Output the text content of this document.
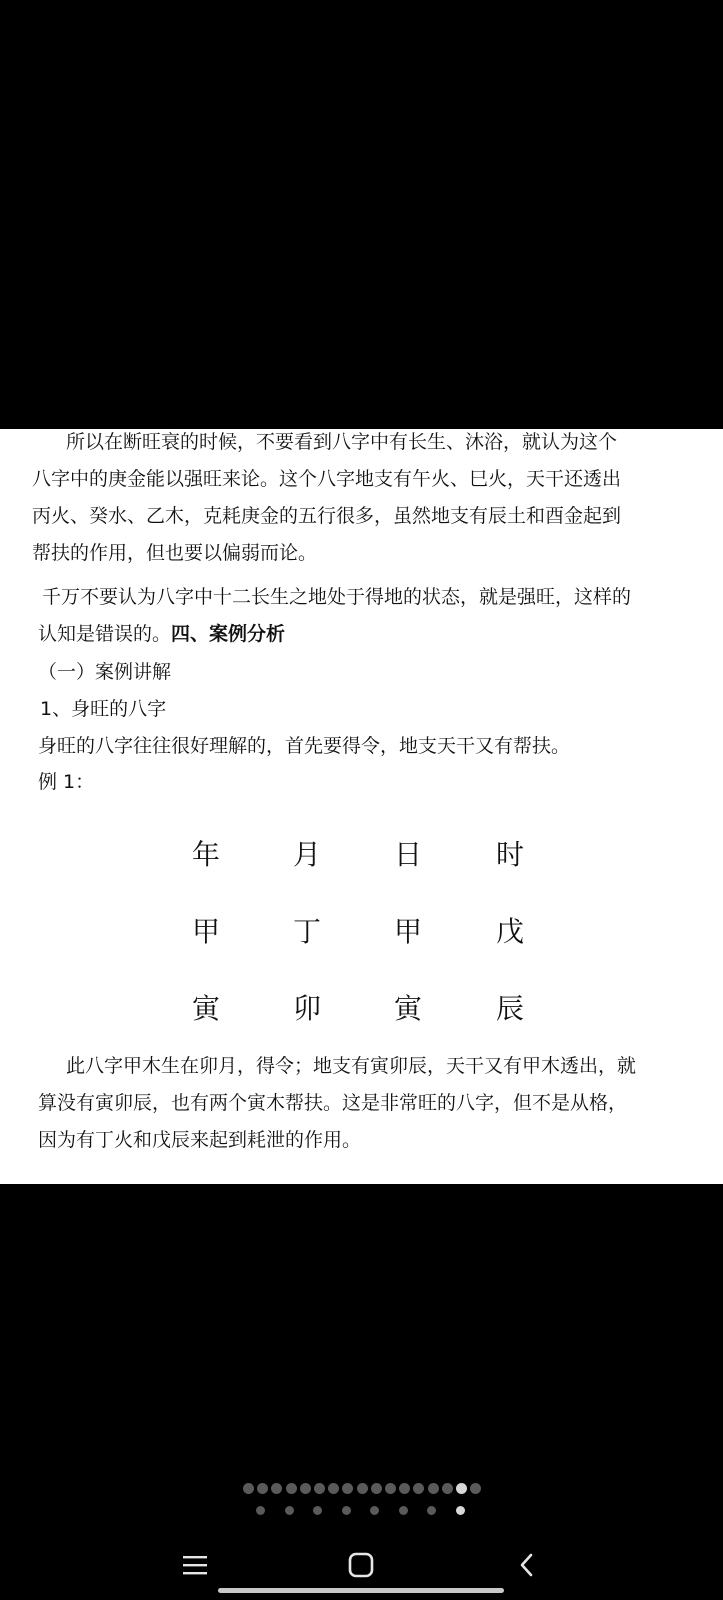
所以在断旺衰的时候，不要看到八字中有长生、沐浴，就认为这个
八字中的庚金能以强旺来论。这个八字地支有午火、巳火，天干还透出
丙火、癸水、乙木，克耗庚金的五行很多，虽然地支有辰土和酉金起到
帮扶的作用，但也要以偏弱而论。
千万不要认为八字中十二长生之地处于得地的状态，就是强旺，这样的
认知是错误的。四、案例分析
（一）案例讲解
1、身旺的八字
身旺的八字往往很好理解的，首先要得令，地支天干又有帮扶。
例 1：
年	月	日	时
甲	丁	甲	戊
寅	卯	寅	辰
此八字甲木生在卯月，得令；地支有寅卯辰，天干又有甲木透出，就
算没有寅卯辰，也有两个寅木帮扶。这是非常旺的八字，但不是从格，
因为有丁火和戊辰来起到耗泄的作用。
